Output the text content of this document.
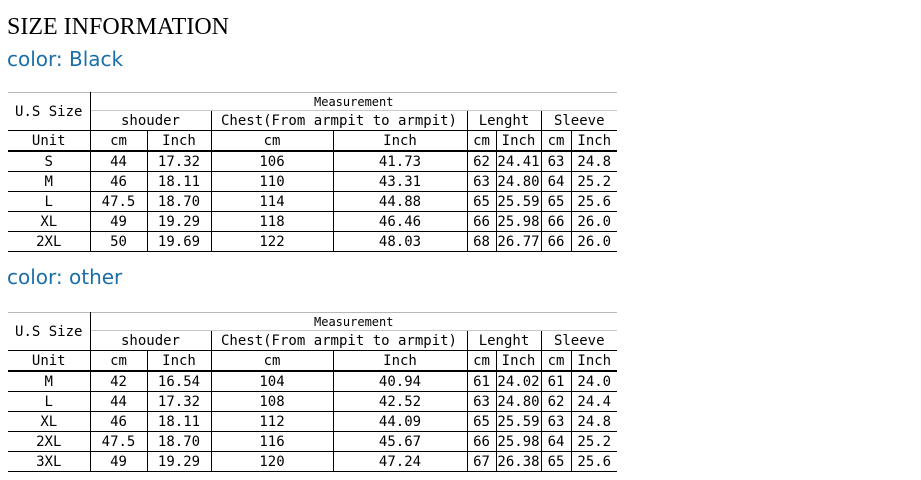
SIZE INFORMATION
color: Black
U.S Size	Measurement							
	shouder		Chest(From armpit to armpit)		Lenght		Sleeve	
Unit	cm	Inch	cm	Inch	cm	Inch	cm	Inch
S	44	17.32	106	41.73	62	24.41	63	24.8
M	46	18.11	110	43.31	63	24.80	64	25.2
L	47.5	18.70	114	44.88	65	25.59	65	25.6
XL	49	19.29	118	46.46	66	25.98	66	26.0
2XL	50	19.69	122	48.03	68	26.77	66	26.0
color: other
U.S Size	Measurement							
	shouder		Chest(From armpit to armpit)		Lenght		Sleeve	
Unit	cm	Inch	cm	Inch	cm	Inch	cm	Inch
M	42	16.54	104	40.94	61	24.02	61	24.0
L	44	17.32	108	42.52	63	24.80	62	24.4
XL	46	18.11	112	44.09	65	25.59	63	24.8
2XL	47.5	18.70	116	45.67	66	25.98	64	25.2
3XL	49	19.29	120	47.24	67	26.38	65	25.6
